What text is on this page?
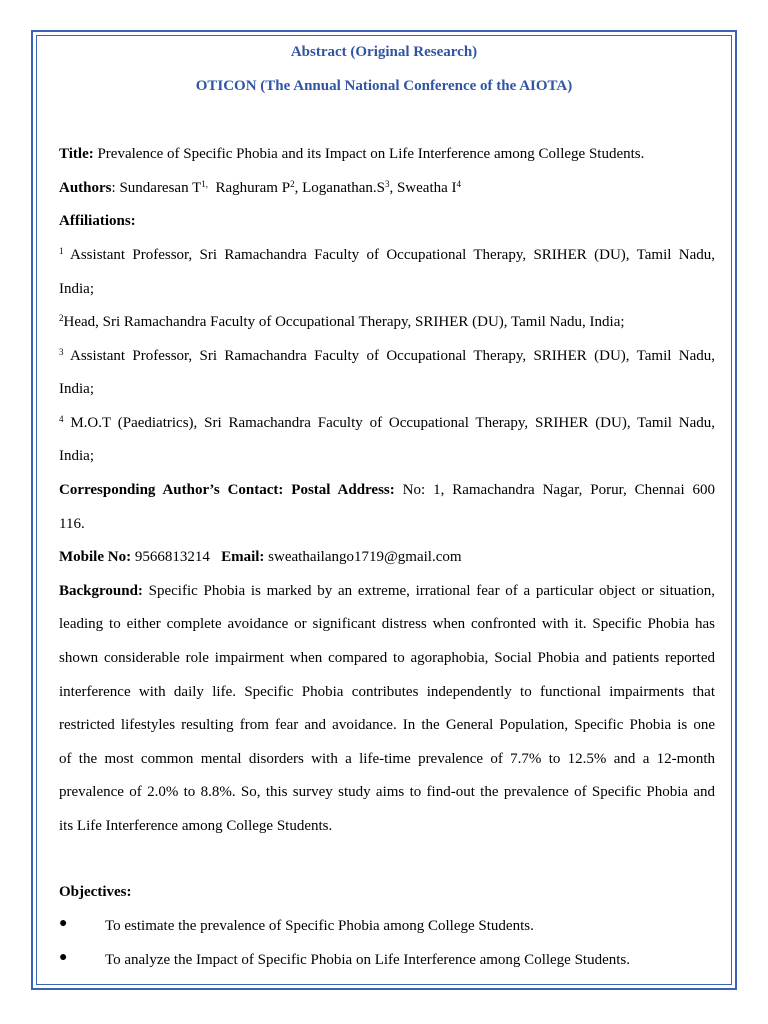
Abstract (Original Research)
OTICON (The Annual National Conference of the AIOTA)
Title: Prevalence of Specific Phobia and its Impact on Life Interference among College Students.
Authors: Sundaresan $T^{1,}$ Raghuram $P^2$, $Loganathan.S^3$, Sweatha $I^4$
Affiliations:
$^1$ Assistant Professor, Sri Ramachandra Faculty of Occupational Therapy, SRIHER (DU), Tamil Nadu,
India;
$^2$Head, Sri Ramachandra Faculty of Occupational Therapy, SRIHER (DU), Tamil Nadu, India;
$^3$ Assistant Professor, Sri Ramachandra Faculty of Occupational Therapy, SRIHER (DU), Tamil Nadu,
India;
$^4$ M.O.T (Paediatrics), Sri Ramachandra Faculty of Occupational Therapy, SRIHER (DU), Tamil Nadu,
India;
Corresponding Author’s Contact: Postal Address: No: 1, Ramachandra Nagar, Porur, Chennai 600
116.
Mobile No: 9566813214 Email: sweathailango1719@gmail.com
Background: Specific Phobia is marked by an extreme, irrational fear of a particular object or situation,
leading to either complete avoidance or significant distress when confronted with it. Specific Phobia has
shown considerable role impairment when compared to agoraphobia, Social Phobia and patients reported
interference with daily life. Specific Phobia contributes independently to functional impairments that
restricted lifestyles resulting from fear and avoidance. In the General Population, Specific Phobia is one
of the most common mental disorders with a life-time prevalence of 7.7% to 12.5% and a 12-month
prevalence of 2.0% to 8.8%. So, this survey study aims to find-out the prevalence of Specific Phobia and
its Life Interference among College Students.
Objectives:
●	To estimate the prevalence of Specific Phobia among College Students.
●	To analyze the Impact of Specific Phobia on Life Interference among College Students.
